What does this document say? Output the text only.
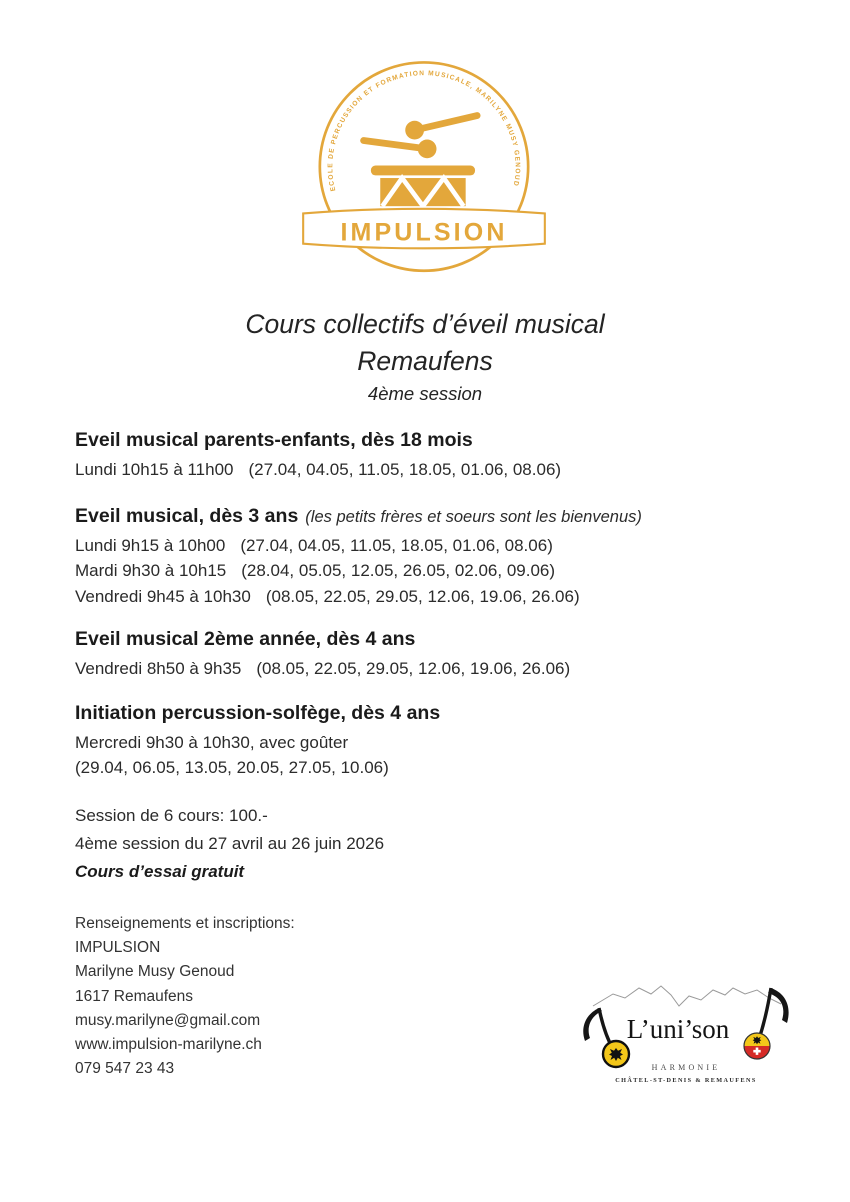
ECOLE DE PERCUSSION ET FORMATION MUSICALE, MARILYNE MUSY GENOUD
IMPULSION
Cours collectifs d’éveil musical
Remaufens
4ème session
Eveil musical parents-enfants, dès 18 mois
Lundi 10h15 à 11h00 (27.04, 04.05, 11.05, 18.05, 01.06, 08.06)
Eveil musical, dès 3 ans (les petits frères et soeurs sont les bienvenus)
Lundi 9h15 à 10h00 (27.04, 04.05, 11.05, 18.05, 01.06, 08.06)
Mardi 9h30 à 10h15 (28.04, 05.05, 12.05, 26.05, 02.06, 09.06)
Vendredi 9h45 à 10h30 (08.05, 22.05, 29.05, 12.06, 19.06, 26.06)
Eveil musical 2ème année, dès 4 ans
Vendredi 8h50 à 9h35 (08.05, 22.05, 29.05, 12.06, 19.06, 26.06)
Initiation percussion-solfège, dès 4 ans
Mercredi 9h30 à 10h30, avec goûter
(29.04, 06.05, 13.05, 20.05, 27.05, 10.06)
Session de 6 cours: 100.-
4ème session du 27 avril au 26 juin 2026
Cours d’essai gratuit
Renseignements et inscriptions:
IMPULSION
Marilyne Musy Genoud
1617 Remaufens
musy.marilyne@gmail.com
www.impulsion-marilyne.ch
079 547 23 43
L’uni’son
HARMONIE
CHÂTEL-ST-DENIS & REMAUFENS
